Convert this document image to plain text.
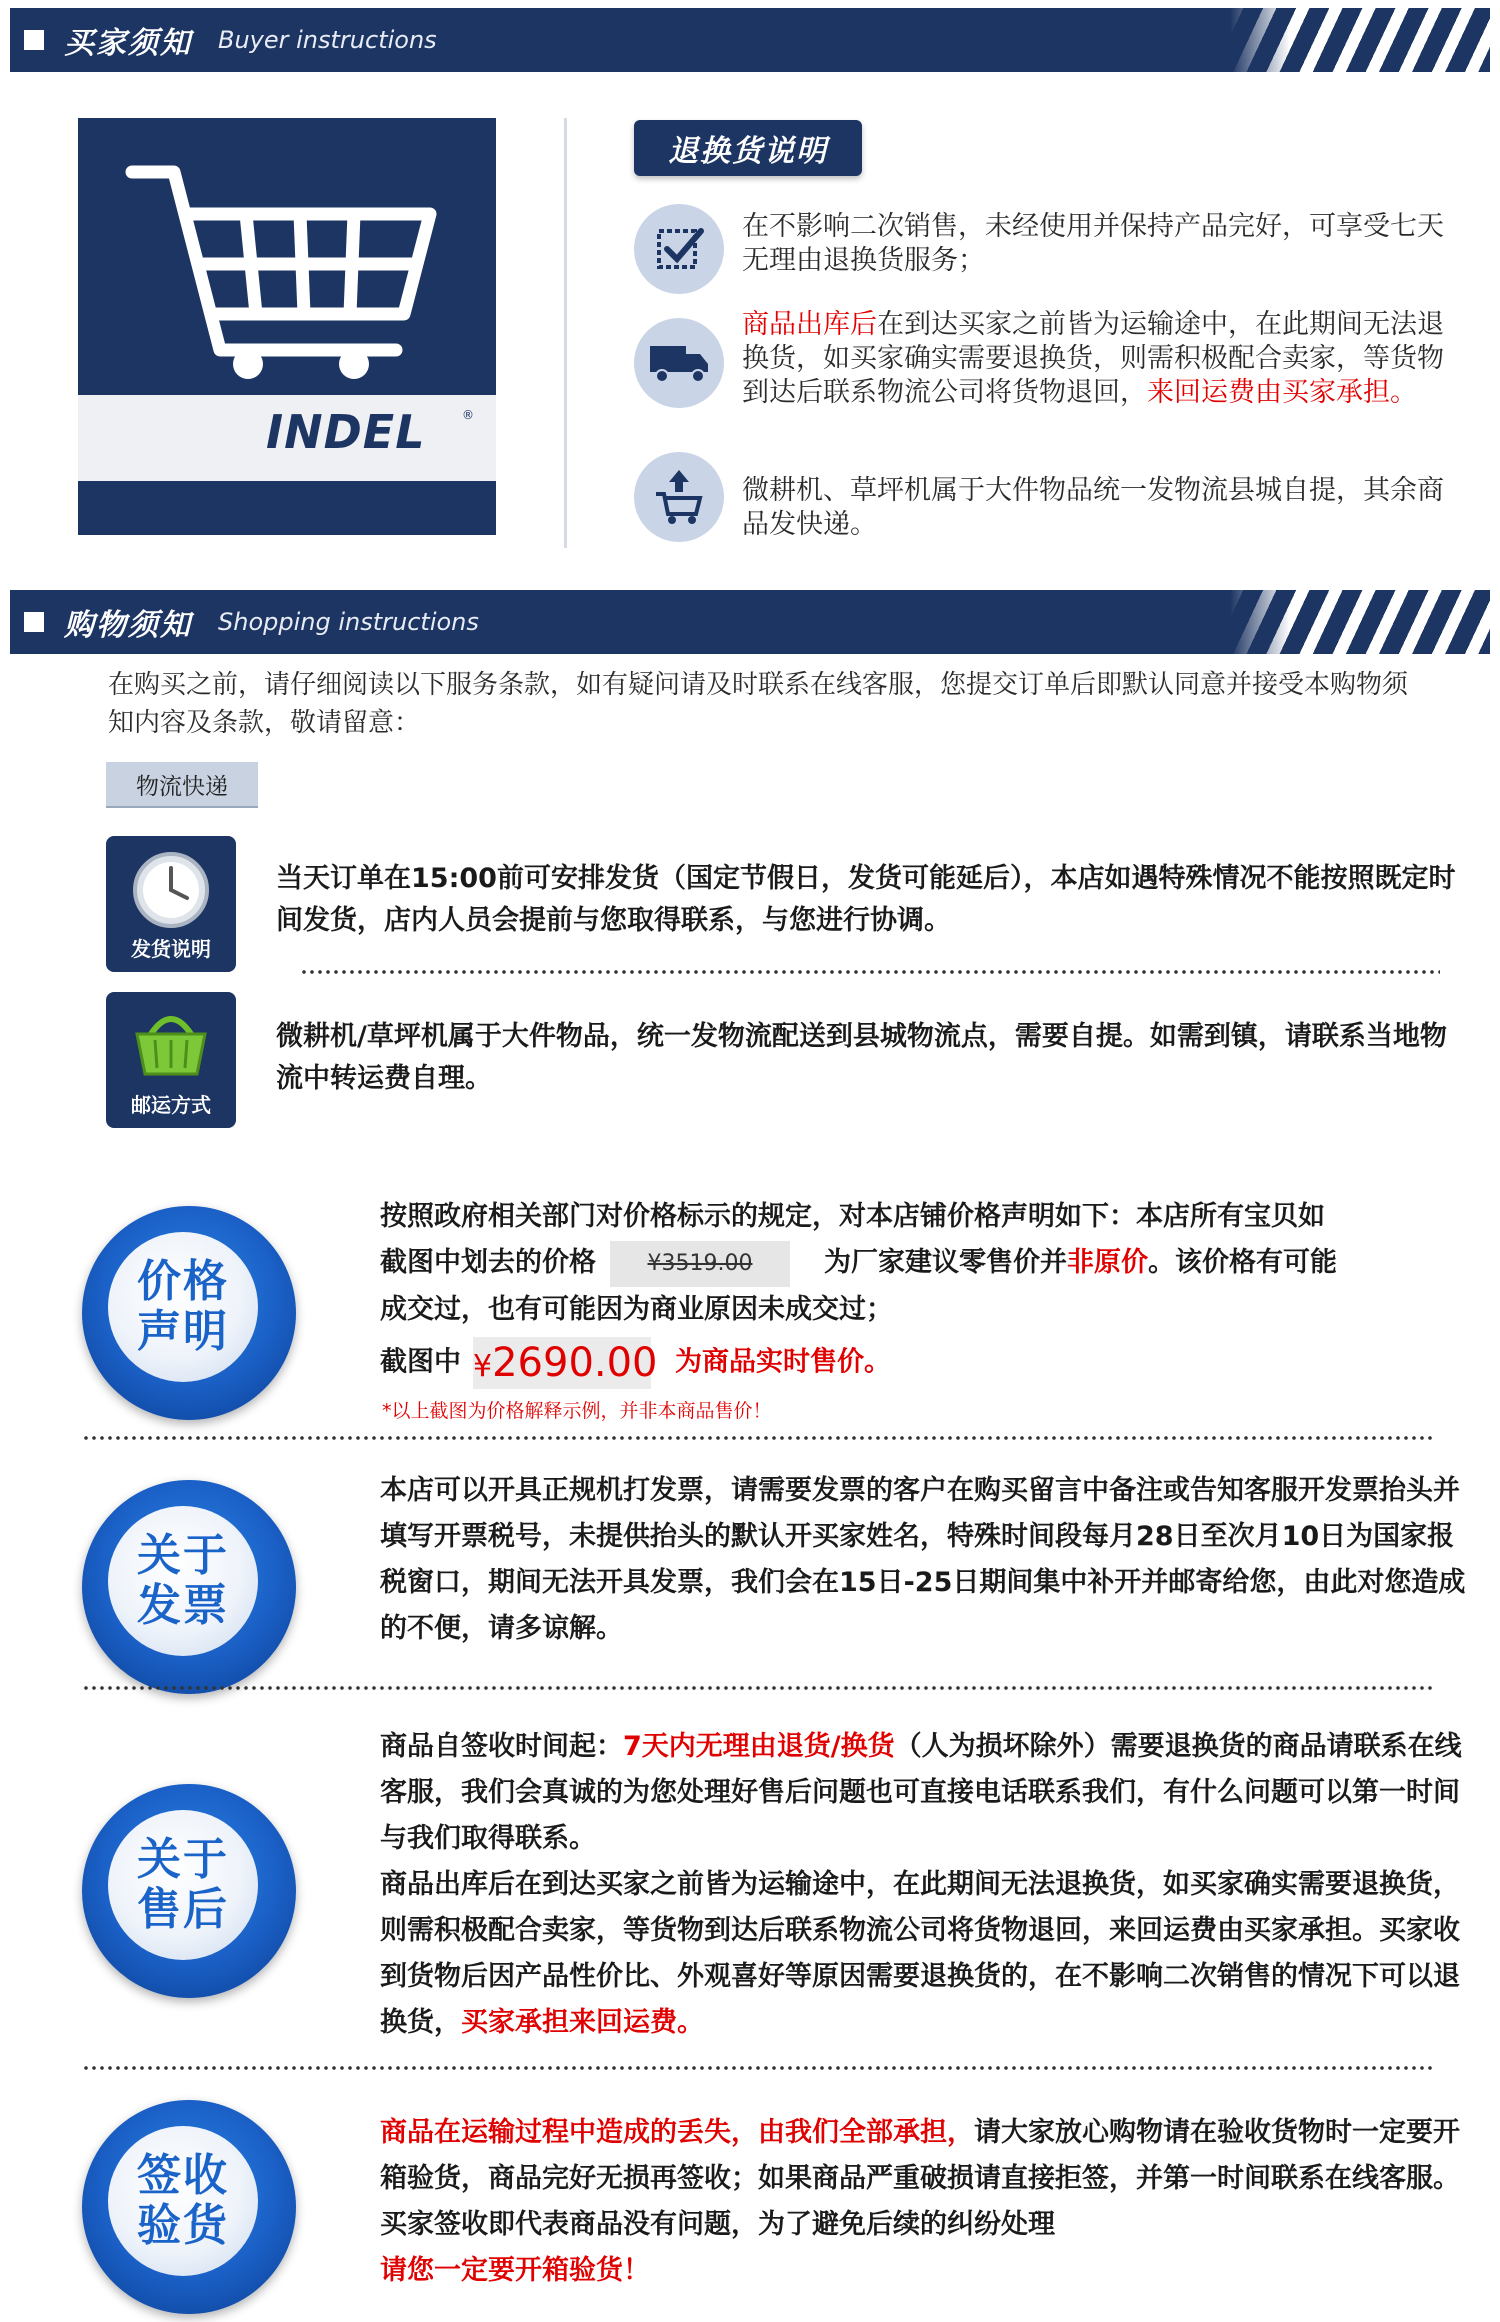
买家须知 Buyer instructions
INDEL	®
退换货说明
在不影响二次销售，未经使用并保持产品完好，可享受七天无理由退换货服务；
商品出库后在到达买家之前皆为运输途中，在此期间无法退换货，如买家确实需要退换货，则需积极配合卖家，等货物到达后联系物流公司将货物退回，来回运费由买家承担。
微耕机、草坪机属于大件物品统一发物流县城自提，其余商品发快递。
购物须知 Shopping instructions
在购买之前，请仔细阅读以下服务条款，如有疑问请及时联系在线客服，您提交订单后即默认同意并接受本购物须知内容及条款，敬请留意：
物流快递
发货说明
当天订单在15:00前可安排发货（国定节假日，发货可能延后），本店如遇特殊情况不能按照既定时间发货，店内人员会提前与您取得联系，与您进行协调。
邮运方式
微耕机/草坪机属于大件物品，统一发物流配送到县城物流点，需要自提。如需到镇，请联系当地物流中转运费自理。
价格
声明
按照政府相关部门对价格标示的规定，对本店铺价格声明如下：本店所有宝贝如
截图中划去的价格 ¥3519.00	为厂家建议零售价并非原价。该价格有可能
成交过，也有可能因为商业原因未成交过；
截图中 ¥2690.00 为商品实时售价。
*以上截图为价格解释示例，并非本商品售价！
关于
发票
本店可以开具正规机打发票，请需要发票的客户在购买留言中备注或告知客服开发票抬头并填写开票税号，未提供抬头的默认开买家姓名，特殊时间段每月28日至次月10日为国家报税窗口，期间无法开具发票，我们会在15日-25日期间集中补开并邮寄给您，由此对您造成的不便，请多谅解。
关于
售后
商品自签收时间起：7天内无理由退货/换货（人为损坏除外）需要退换货的商品请联系在线客服，我们会真诚的为您处理好售后问题也可直接电话联系我们，有什么问题可以第一时间与我们取得联系。
商品出库后在到达买家之前皆为运输途中，在此期间无法退换货，如买家确实需要退换货，则需积极配合卖家，等货物到达后联系物流公司将货物退回，来回运费由买家承担。买家收到货物后因产品性价比、外观喜好等原因需要退换货的，在不影响二次销售的情况下可以退换货，买家承担来回运费。
签收
验货
商品在运输过程中造成的丢失，由我们全部承担，请大家放心购物请在验收货物时一定要开箱验货，商品完好无损再签收；如果商品严重破损请直接拒签，并第一时间联系在线客服。买家签收即代表商品没有问题，为了避免后续的纠纷处理
请您一定要开箱验货！
